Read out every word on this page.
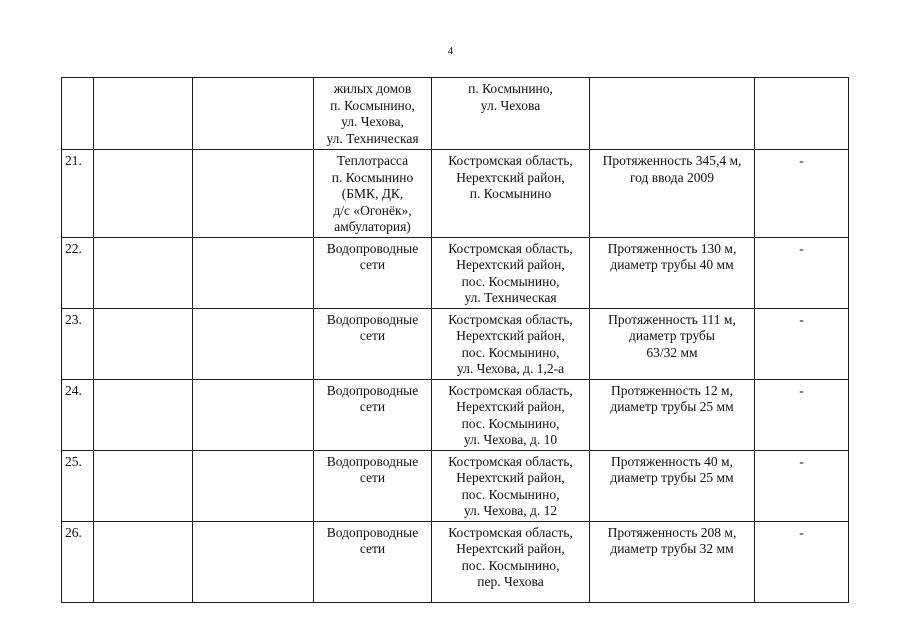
4
			жилых домов
п. Космынино,
ул. Чехова,
ул. Техническая	п. Космынино,
ул. Чехова		
21.			Теплотрасса
п. Космынино
(БМК, ДК,
д/с «Огонёк»,
амбулатория)	Костромская область,
Нерехтский район,
п. Космынино	Протяженность 345,4 м,
год ввода 2009	-
22.			Водопроводные
сети	Костромская область,
Нерехтский район,
пос. Космынино,
ул. Техническая	Протяженность 130 м,
диаметр трубы 40 мм	-
23.			Водопроводные
сети	Костромская область,
Нерехтский район,
пос. Космынино,
ул. Чехова, д. 1,2-а	Протяженность 111 м,
диаметр трубы
63/32 мм	-
24.			Водопроводные
сети	Костромская область,
Нерехтский район,
пос. Космынино,
ул. Чехова, д. 10	Протяженность 12 м,
диаметр трубы 25 мм	-
25.			Водопроводные
сети	Костромская область,
Нерехтский район,
пос. Космынино,
ул. Чехова, д. 12	Протяженность 40 м,
диаметр трубы 25 мм	-
26.			Водопроводные
сети	Костромская область,
Нерехтский район,
пос. Космынино,
пер. Чехова	Протяженность 208 м,
диаметр трубы 32 мм	-
